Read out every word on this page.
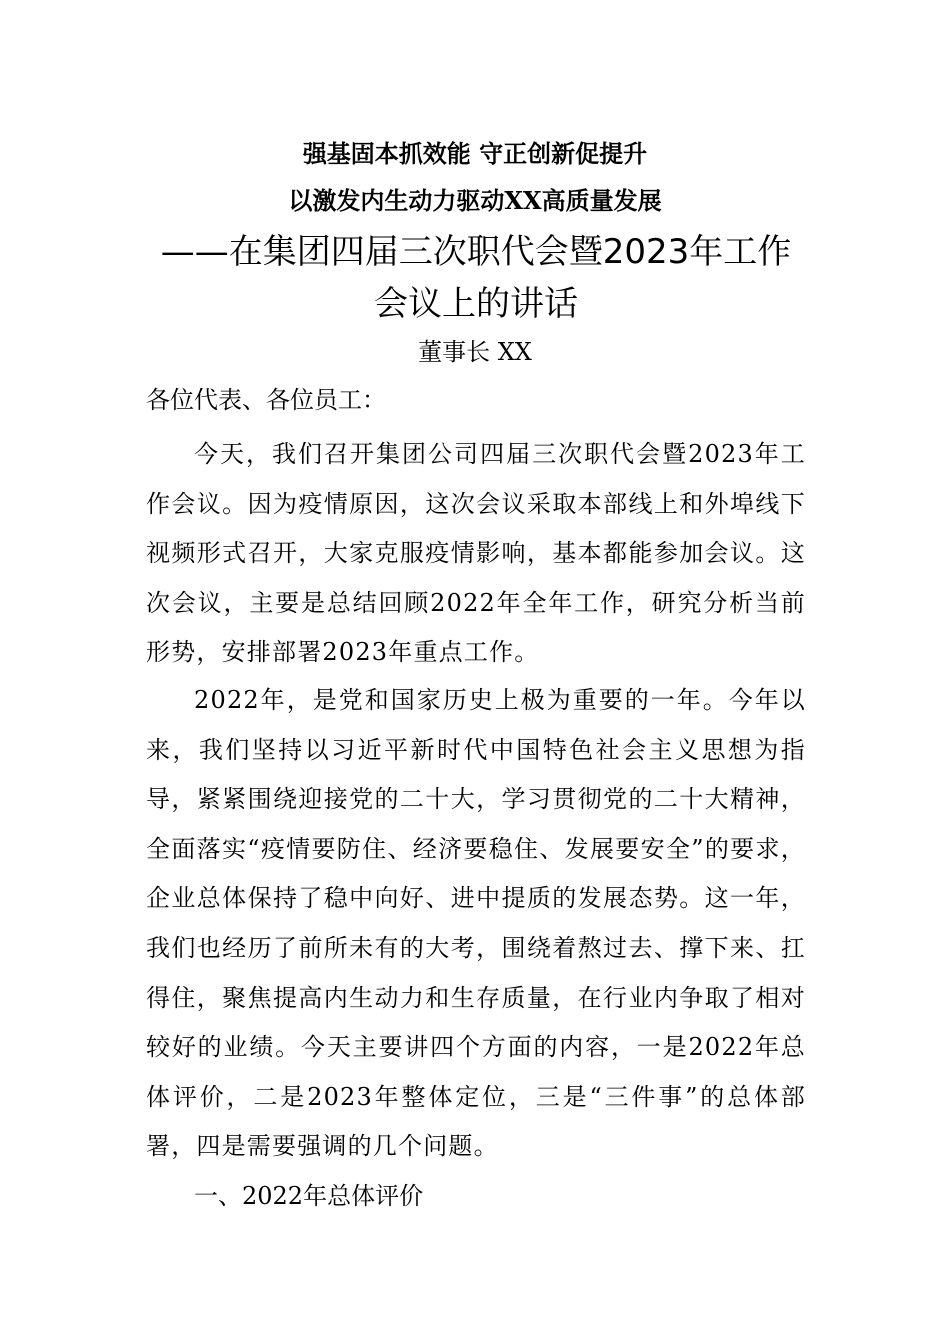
强基固本抓效能 守正创新促提升
以激发内生动力驱动XX高质量发展
——在集团四届三次职代会暨2023年工作
会议上的讲话
董事长 XX
各位代表、各位员工：
今天，我们召开集团公司四届三次职代会暨2023年工作会议。因为疫情原因，这次会议采取本部线上和外埠线下视频形式召开，大家克服疫情影响，基本都能参加会议。这次会议，主要是总结回顾2022年全年工作，研究分析当前形势，安排部署2023年重点工作。
2022年，是党和国家历史上极为重要的一年。今年以来，我们坚持以习近平新时代中国特色社会主义思想为指导，紧紧围绕迎接党的二十大，学习贯彻党的二十大精神，全面落实“疫情要防住、经济要稳住、发展要安全”的要求，企业总体保持了稳中向好、进中提质的发展态势。这一年，我们也经历了前所未有的大考，围绕着熬过去、撑下来、扛得住，聚焦提高内生动力和生存质量，在行业内争取了相对较好的业绩。今天主要讲四个方面的内容，一是2022年总体评价，二是2023年整体定位，三是“三件事”的总体部署，四是需要强调的几个问题。
一、2022年总体评价
